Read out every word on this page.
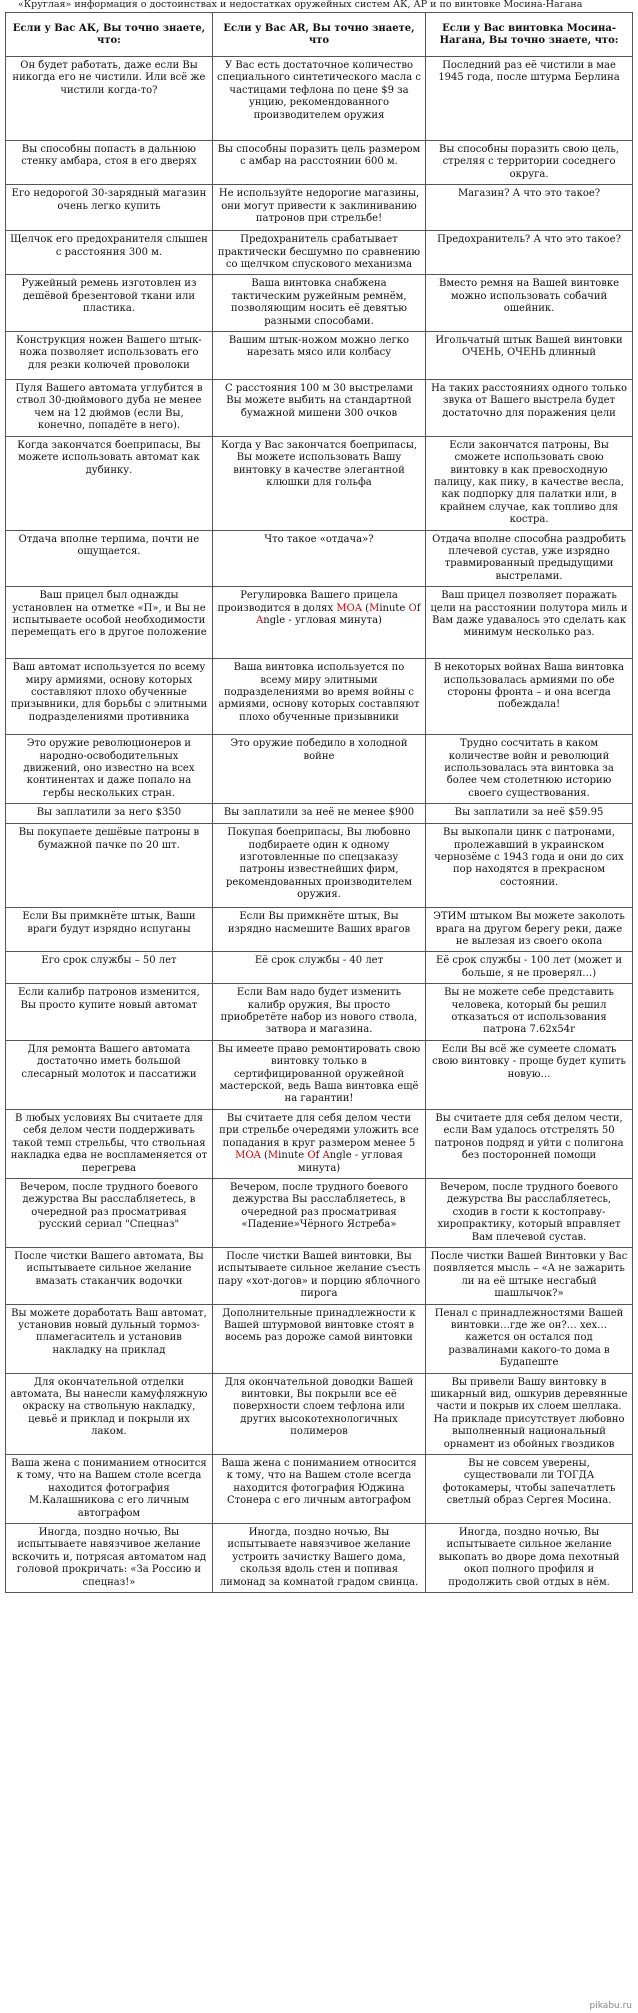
«Круглая» информация о достоинствах и недостатках оружейных систем АК, АР и по винтовке Мосина-Нагана
Если у Вас АК, Вы точно знаете, что:	Если у Вас AR, Вы точно знаете, что	Если у Вас винтовка Мосина-Нагана, Вы точно знаете, что:
Он будет работать, даже если Вы никогда его не чистили. Или всё же чистили когда-то?	У Вас есть достаточное количество специального синтетического масла с частицами тефлона по цене $9 за унцию, рекомендованного производителем оружия	Последний раз её чистили в мае 1945 года, после штурма Берлина
Вы способны попасть в дальнюю стенку амбара, стоя в его дверях	Вы способны поразить цель размером с амбар на расстоянии 600 м.	Вы способны поразить свою цель, стреляя с территории соседнего округа.
Его недорогой 30-зарядный магазин очень легко купить	Не используйте недорогие магазины, они могут привести к заклиниванию патронов при стрельбе!	Магазин? А что это такое?
Щелчок его предохранителя слышен с расстояния 300 м.	Предохранитель срабатывает практически бесшумно по сравнению со щелчком спускового механизма	Предохранитель? А что это такое?
Ружейный ремень изготовлен из дешёвой брезентовой ткани или пластика.	Ваша винтовка снабжена тактическим ружейным ремнём, позволяющим носить её девятью разными способами.	Вместо ремня на Вашей винтовке можно использовать собачий ошейник.
Конструкция ножен Вашего штык-ножа позволяет использовать его для резки колючей проволоки	Вашим штык-ножом можно легко нарезать мясо или колбасу	Игольчатый штык Вашей винтовки ОЧЕНЬ, ОЧЕНЬ длинный
Пуля Вашего автомата углубится в ствол 30-дюймового дуба не менее чем на 12 дюймов (если Вы, конечно, попадёте в него).	С расстояния 100 м 30 выстрелами Вы можете выбить на стандартной бумажной мишени 300 очков	На таких расстояниях одного только звука от Вашего выстрела будет достаточно для поражения цели
Когда закончатся боеприпасы, Вы можете использовать автомат как дубинку.	Когда у Вас закончатся боеприпасы, Вы можете использовать Вашу винтовку в качестве элегантной клюшки для гольфа	Если закончатся патроны, Вы сможете использовать свою винтовку в как превосходную палицу, как пику, в качестве весла, как подпорку для палатки или, в крайнем случае, как топливо для костра.
Отдача вполне терпима, почти не ощущается.	Что такое «отдача»?	Отдача вполне способна раздробить плечевой сустав, уже изрядно травмированный предыдущими выстрелами.
Ваш прицел был однажды установлен на отметке «П», и Вы не испытываете особой необходимости перемещать его в другое положение	Регулировка Вашего прицела производится в долях MOA (Minute Of Angle - угловая минута)	Ваш прицел позволяет поражать цели на расстоянии полутора миль и Вам даже удавалось это сделать как минимум несколько раз.
Ваш автомат используется по всему миру армиями, основу которых составляют плохо обученные призывники, для борьбы с элитными подразделениями противника	Ваша винтовка используется по всему миру элитными подразделениями во время войны с армиями, основу которых составляют плохо обученные призывники	В некоторых войнах Ваша винтовка использовалась армиями по обе стороны фронта – и она всегда побеждала!
Это оружие революционеров и народно-освободительных движений, оно известно на всех континентах и даже попало на гербы нескольких стран.	Это оружие победило в холодной войне	Трудно сосчитать в каком количестве войн и революций использовалась эта винтовка за более чем столетнюю историю своего существования.
Вы заплатили за него $350	Вы заплатили за неё не менее $900	Вы заплатили за неё $59.95
Вы покупаете дешёвые патроны в бумажной пачке по 20 шт.	Покупая боеприпасы, Вы любовно подбираете один к одному изготовленные по спецзаказу патроны известнейших фирм, рекомендованных производителем оружия.	Вы выкопали цинк с патронами, пролежавший в украинском чернозёме с 1943 года и они до сих пор находятся в прекрасном состоянии.
Если Вы примкнёте штык, Ваши враги будут изрядно испуганы	Если Вы примкнёте штык, Вы изрядно насмешите Ваших врагов	ЭТИМ штыком Вы можете заколоть врага на другом берегу реки, даже не вылезая из своего окопа
Его срок службы – 50 лет	Её срок службы - 40 лет	Её срок службы - 100 лет (может и больше, я не проверял…)
Если калибр патронов изменится, Вы просто купите новый автомат	Если Вам надо будет изменить калибр оружия, Вы просто приобретёте набор из нового ствола, затвора и магазина.	Вы не можете себе представить человека, который бы решил отказаться от использования патрона 7.62х54r
Для ремонта Вашего автомата достаточно иметь большой слесарный молоток и пассатижи	Вы имеете право ремонтировать свою винтовку только в сертифицированной оружейной мастерской, ведь Ваша винтовка ещё на гарантии!	Если Вы всё же сумеете сломать свою винтовку - проще будет купить новую…
В любых условиях Вы считаете для себя делом чести поддерживать такой темп стрельбы, что ствольная накладка едва не воспламеняется от перегрева	Вы считаете для себя делом чести при стрельбе очередями уложить все попадания в круг размером менее 5 MOA (Minute Of Angle - угловая минута)	Вы считаете для себя делом чести, если Вам удалось отстрелять 50 патронов подряд и уйти с полигона без посторонней помощи
Вечером, после трудного боевого дежурства Вы расслабляетесь, в очередной раз просматривая русский сериал "Спецназ"	Вечером, после трудного боевого дежурства Вы расслабляетесь, в очередной раз просматривая «Падение»Чёрного Ястреба»	Вечером, после трудного боевого дежурства Вы расслабляетесь, сходив в гости к костоправу-хиропрактику, который вправляет Вам плечевой сустав.
После чистки Вашего автомата, Вы испытываете сильное желание вмазать стаканчик водочки	После чистки Вашей винтовки, Вы испытываете сильное желание съесть пару «хот-догов» и порцию яблочного пирога	После чистки Вашей Винтовки у Вас появляется мысль – «А не зажарить ли на её штыке несгабый шашлычок?»
Вы можете доработать Ваш автомат, установив новый дульный тормоз-пламегаситель и установив накладку на приклад	Дополнительные принадлежности к Вашей штурмовой винтовке стоят в восемь раз дороже самой винтовки	Пенал с принадлежностями Вашей винтовки…где же он?… хех… кажется он остался под развалинами какого-то дома в Будапеште
Для окончательной отделки автомата, Вы нанесли камуфляжную окраску на ствольную накладку, цевьё и приклад и покрыли их лаком.	Для окончательной доводки Вашей винтовки, Вы покрыли все её поверхности слоем тефлона или других высокотехнологичных полимеров	Вы привели Вашу винтовку в шикарный вид, ошкурив деревянные части и покрыв их слоем шеллака. На прикладе присутствует любовно выполненный национальный орнамент из обойных гвоздиков
Ваша жена с пониманием относится к тому, что на Вашем столе всегда находится фотография М.Калашникова с его личным автографом	Ваша жена с пониманием относится к тому, что на Вашем столе всегда находится фотография Юджина Стонера с его личным автографом	Вы не совсем уверены, существовали ли ТОГДА фотокамеры, чтобы запечатлеть светлый образ Сергея Мосина.
Иногда, поздно ночью, Вы испытываете навязчивое желание вскочить и, потрясая автоматом над головой прокричать: «За Россию и спецназ!»	Иногда, поздно ночью, Вы испытываете навязчивое желание устроить зачистку Вашего дома, скользя вдоль стен и попивая лимонад за комнатой градом свинца.	Иногда, поздно ночью, Вы испытываете сильное желание выкопать во дворе дома пехотный окоп полного профиля и продолжить свой отдых в нём.
pikabu.ru
